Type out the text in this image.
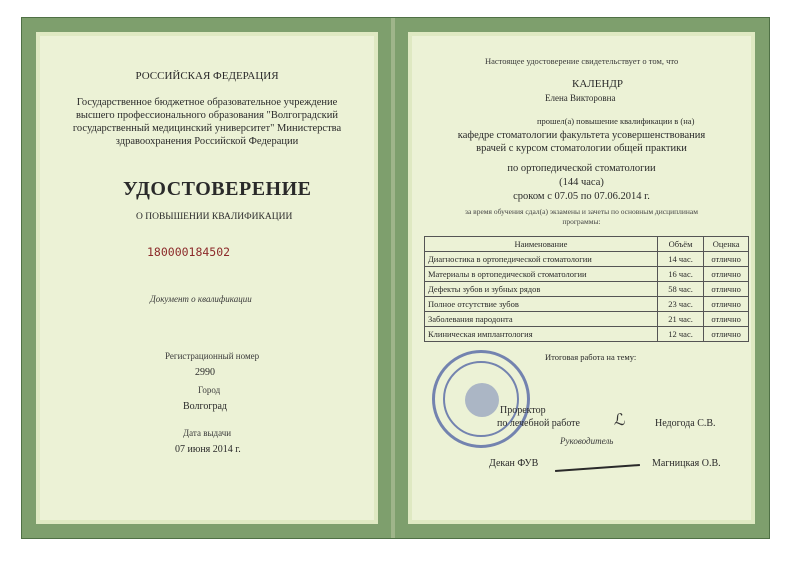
РОССИЙСКАЯ ФЕДЕРАЦИЯ
Государственное бюджетное образовательное учреждение
высшего профессионального образования "Волгоградский
государственный медицинский университет" Министерства
здравоохранения Российской Федерации
УДОСТОВЕРЕНИЕ
О ПОВЫШЕНИИ КВАЛИФИКАЦИИ
180000184502
Документ о квалификации
Регистрационный номер
2990
Город
Волгоград
Дата выдачи
07 июня 2014 г.
Настоящее удостоверение свидетельствует о том, что
КАЛЕНДР
Елена Викторовна
прошел(а) повышение квалификации в (на)
кафедре стоматологии факультета усовершенствования
врачей с курсом стоматологии общей практики
по ортопедической стоматологии
(144 часа)
сроком с 07.05 по 07.06.2014 г.
за время обучения сдал(а) экзамены и зачеты по основным дисциплинам
программы:
Наименование	Объём	Оценка
Диагностика в ортопедической стоматологии	14 час.	отлично
Материалы в ортопедической стоматологии	16 час.	отлично
Дефекты зубов и зубных рядов	58 час.	отлично
Полное отсутствие зубов	23 час.	отлично
Заболевания пародонта	21 час.	отлично
Клиническая имплантология	12 час.	отлично
Итоговая работа на тему:
Проректор
по лечебной работе ℒ	Недогода С.В.
Руководитель
Декан ФУВ	Магницкая О.В.
